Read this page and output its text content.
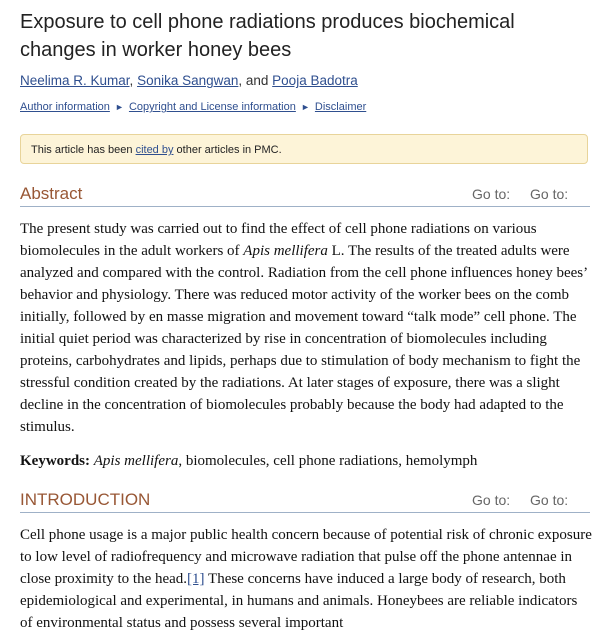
Exposure to cell phone radiations produces biochemical changes in worker honey bees
Neelima R. Kumar, Sonika Sangwan, and Pooja Badotra
Author information ► Copyright and License information ► Disclaimer
This article has been cited by other articles in PMC.
Abstract	Go to: Go to:

The present study was carried out to find the effect of cell phone radiations on various biomolecules in the adult workers of Apis mellifera L. The results of the treated adults were analyzed and compared with the control. Radiation from the cell phone influences honey bees’ behavior and physiology. There was reduced motor activity of the worker bees on the comb initially, followed by en masse migration and movement toward “talk mode” cell phone. The initial quiet period was characterized by rise in concentration of biomolecules including proteins, carbohydrates and lipids, perhaps due to stimulation of body mechanism to fight the stressful condition created by the radiations. At later stages of exposure, there was a slight decline in the concentration of biomolecules probably because the body had adapted to the stimulus.

Keywords: Apis mellifera, biomolecules, cell phone radiations, hemolymph

INTRODUCTION	Go to: Go to:

Cell phone usage is a major public health concern because of potential risk of chronic exposure to low level of radiofrequency and microwave radiation that pulse off the phone antennae in close proximity to the head.[1] These concerns have induced a large body of research, both epidemiological and experimental, in humans and animals. Honeybees are reliable indicators of environmental status and possess several important
